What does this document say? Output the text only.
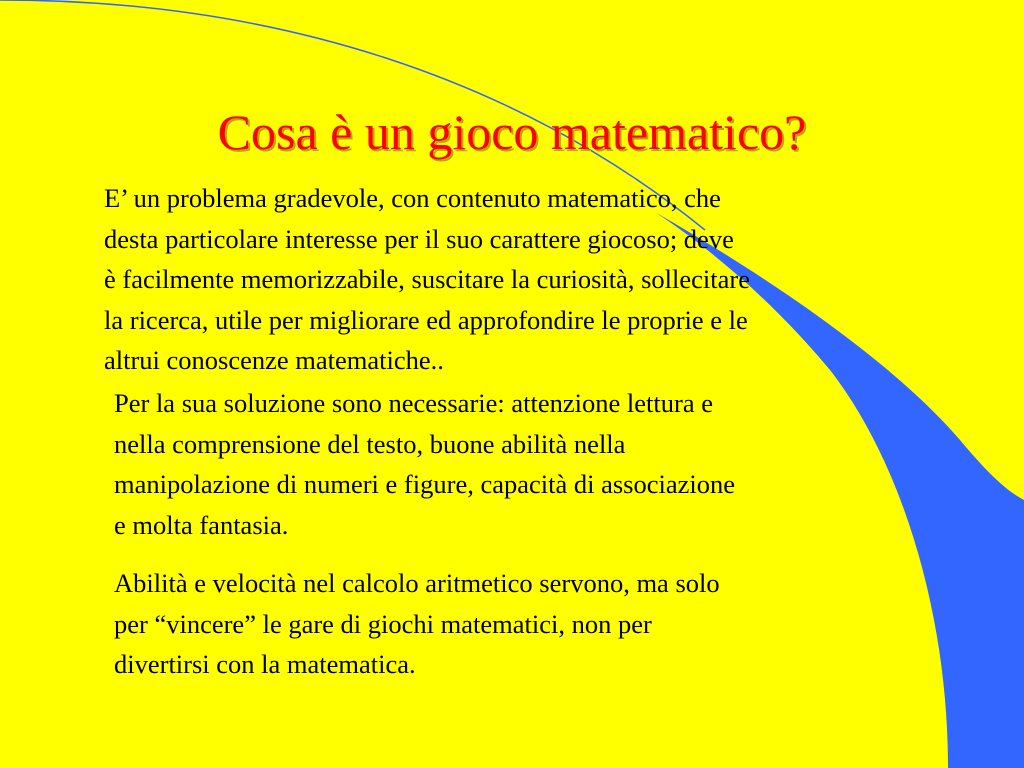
Cosa è un gioco matematico?
E’ un problema gradevole, con contenuto matematico, che
desta particolare interesse per il suo carattere giocoso; deve
è facilmente memorizzabile, suscitare la curiosità, sollecitare
la ricerca, utile per migliorare ed approfondire le proprie e le
altrui conoscenze matematiche..
Per la sua soluzione sono necessarie: attenzione lettura e
nella comprensione del testo, buone abilità nella
manipolazione di numeri e figure, capacità di associazione
e molta fantasia.
Abilità e velocità nel calcolo aritmetico servono, ma solo
per “vincere” le gare di giochi matematici, non per
divertirsi con la matematica.
